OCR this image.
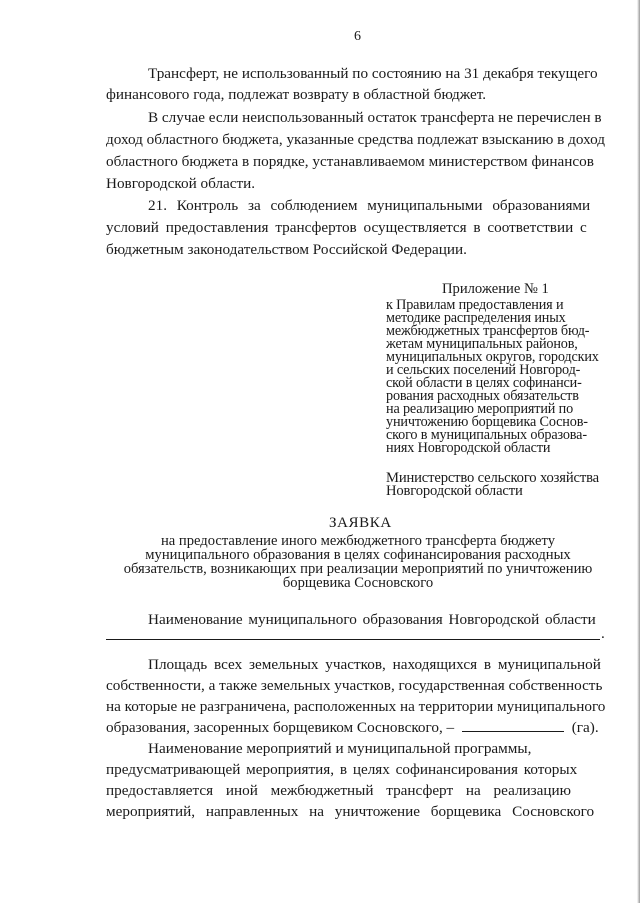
6
Трансферт, не использованный по состоянию на 31 декабря текущего
финансового года, подлежат возврату в областной бюджет.
В случае если неиспользованный остаток трансферта не перечислен в
доход областного бюджета, указанные средства подлежат взысканию в доход
областного бюджета в порядке, устанавливаемом министерством финансов
Новгородской области.
21. Контроль за соблюдением муниципальными образованиями
условий предоставления трансфертов осуществляется в соответствии с
бюджетным законодательством Российской Федерации.
Приложение № 1
к Правилам предоставления и
методике распределения иных
межбюджетных трансфертов бюд-
жетам муниципальных районов,
муниципальных округов, городских
и сельских поселений Новгород-
ской области в целях софинанси-
рования расходных обязательств
на реализацию мероприятий по
уничтожению борщевика Соснов-
ского в муниципальных образова-
ниях Новгородской области
Министерство сельского хозяйства
Новгородской области
ЗАЯВКА
на предоставление иного межбюджетного трансферта бюджету
муниципального образования в целях софинансирования расходных
обязательств, возникающих при реализации мероприятий по уничтожению
борщевика Сосновского
Наименование муниципального образования Новгородской области
.
Площадь всех земельных участков, находящихся в муниципальной
собственности, а также земельных участков, государственная собственность
на которые не разграничена, расположенных на территории муниципального
образования, засоренных борщевиком Сосновского, –	(га).
Наименование мероприятий и муниципальной программы,
предусматривающей мероприятия, в целях софинансирования которых
предоставляется иной межбюджетный трансферт на реализацию
мероприятий, направленных на уничтожение борщевика Сосновского
